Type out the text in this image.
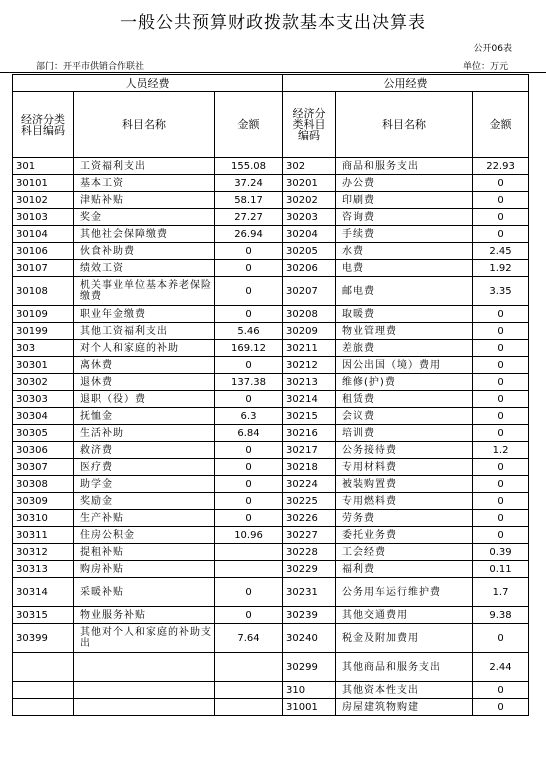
一般公共预算财政拨款基本支出决算表
公开06表
部门：开平市供销合作联社	单位：万元
人员经费			公用经费		
经济分类科目编码	科目名称	金额	经济分类科目编码	科目名称	金额
301	工资福利支出	155.08	302	商品和服务支出	22.93
30101	基本工资	37.24	30201	办公费	0
30102	津贴补贴	58.17	30202	印刷费	0
30103	奖金	27.27	30203	咨询费	0
30104	其他社会保障缴费	26.94	30204	手续费	0
30106	伙食补助费	0	30205	水费	2.45
30107	绩效工资	0	30206	电费	1.92
30108	机关事业单位基本养老保险缴费	0	30207	邮电费	3.35
30109	职业年金缴费	0	30208	取暖费	0
30199	其他工资福利支出	5.46	30209	物业管理费	0
303	对个人和家庭的补助	169.12	30211	差旅费	0
30301	离休费	0	30212	因公出国（境）费用	0
30302	退休费	137.38	30213	维修(护)费	0
30303	退职（役）费	0	30214	租赁费	0
30304	抚恤金	6.3	30215	会议费	0
30305	生活补助	6.84	30216	培训费	0
30306	救济费	0	30217	公务接待费	1.2
30307	医疗费	0	30218	专用材料费	0
30308	助学金	0	30224	被装购置费	0
30309	奖励金	0	30225	专用燃料费	0
30310	生产补贴	0	30226	劳务费	0
30311	住房公积金	10.96	30227	委托业务费	0
30312	提租补贴		30228	工会经费	0.39
30313	购房补贴		30229	福利费	0.11
30314	采暖补贴	0	30231	公务用车运行维护费	1.7
30315	物业服务补贴	0	30239	其他交通费用	9.38
30399	其他对个人和家庭的补助支出	7.64	30240	税金及附加费用	0
			30299	其他商品和服务支出	2.44
			310	其他资本性支出	0
			31001	房屋建筑物购建	0
